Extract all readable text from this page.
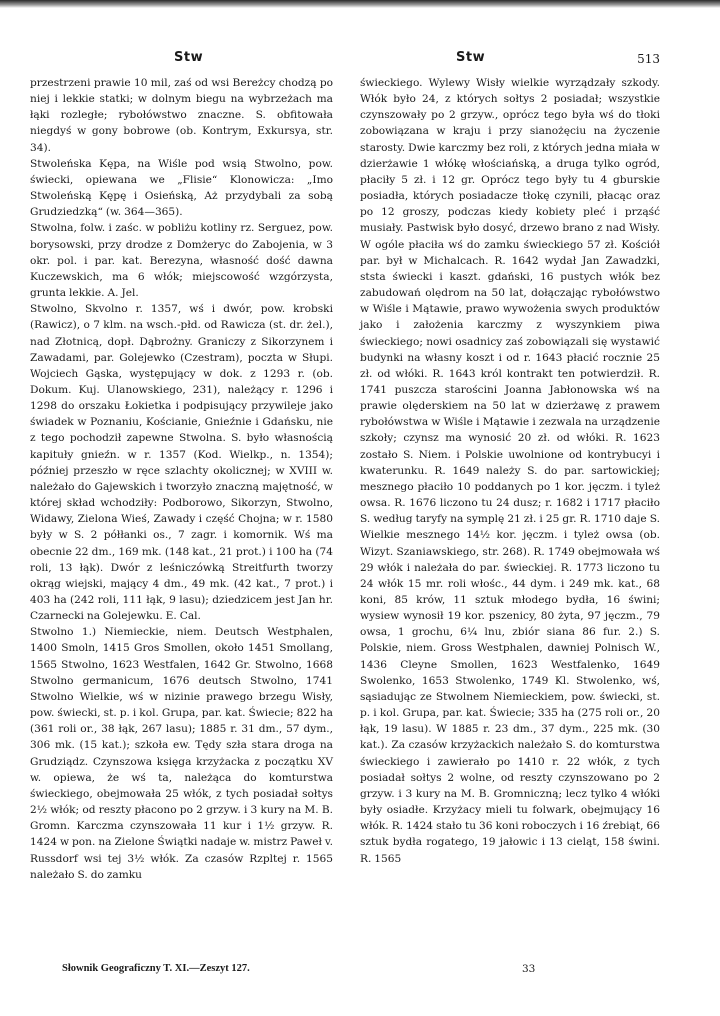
Stw	Stw	513

przestrzeni prawie 10 mil, zaś od wsi Bereżcy chodzą po niej i lekkie statki; w dolnym biegu na wybrzeżach ma łąki rozległe; rybołówstwo znaczne. S. obfitowała niegdyś w gony bobrowe (ob. Kontrym, Exkursya, str. 34).

Stwoleńska Kępa, na Wiśle pod wsią Stwolno, pow. świecki, opiewana we „Flisie“ Klonowicza: „Imo Stwoleńską Kępę i Osieńską, Aż przydybali za sobą Grudziedzką“ (w. 364—365).

Stwolna, folw. i zaśc. w pobliżu kotliny rz. Serguez, pow. borysowski, przy drodze z Domżeryc do Zabojenia, w 3 okr. pol. i par. kat. Berezyna, własność dość dawna Kuczewskich, ma 6 włók; miejscowość wzgórzysta, grunta lekkie. A. Jel.

Stwolno, Skvolno r. 1357, wś i dwór, pow. krobski (Rawicz), o 7 klm. na wsch.-płd. od Rawicza (st. dr. żel.), nad Złotnicą, dopł. Dąbrożny. Graniczy z Sikorzynem i Zawadami, par. Golejewko (Czestram), poczta w Słupi. Wojciech Gąska, występujący w dok. z 1293 r. (ob. Dokum. Kuj. Ulanowskiego, 231), należący r. 1296 i 1298 do orszaku Łokietka i podpisujący przywileje jako świadek w Poznaniu, Kościanie, Gnieźnie i Gdańsku, nie z tego pochodził zapewne Stwolna. S. było własnością kapituły gnieźn. w r. 1357 (Kod. Wielkp., n. 1354); później przeszło w ręce szlachty okolicznej; w XVIII w. należało do Gajewskich i tworzyło znaczną majętność, w której skład wchodziły: Podborowo, Sikorzyn, Stwolno, Widawy, Zielona Wieś, Zawady i część Chojna; w r. 1580 były w S. 2 półłanki os., 7 zagr. i komornik. Wś ma obecnie 22 dm., 169 mk. (148 kat., 21 prot.) i 100 ha (74 roli, 13 łąk). Dwór z leśniczówką Streitfurth tworzy okrąg wiejski, mający 4 dm., 49 mk. (42 kat., 7 prot.) i 403 ha (242 roli, 111 łąk, 9 lasu); dziedzicem jest Jan hr. Czarnecki na Golejewku. E. Cal.

Stwolno 1.) Niemieckie, niem. Deutsch Westphalen, 1400 Smoln, 1415 Gros Smollen, około 1451 Smollang, 1565 Stwolno, 1623 Westfalen, 1642 Gr. Stwolno, 1668 Stwolno germanicum, 1676 deutsch Stwolno, 1741 Stwolno Wielkie, wś w nizinie prawego brzegu Wisły, pow. świecki, st. p. i kol. Grupa, par. kat. Świecie; 822 ha (361 roli or., 38 łąk, 267 lasu); 1885 r. 31 dm., 57 dym., 306 mk. (15 kat.); szkoła ew. Tędy szła stara droga na Grudziądz. Czynszowa księga krzyżacka z początku XV w. opiewa, że wś ta, należąca do komturstwa świeckiego, obejmowała 25 włók, z tych posiadał sołtys 2½ włók; od reszty płacono po 2 grzyw. i 3 kury na M. B. Gromn. Karczma czynszowała 11 kur i 1½ grzyw. R. 1424 w pon. na Zielone Świątki nadaje w. mistrz Paweł v. Russdorf wsi tej 3½ włók. Za czasów Rzpltej r. 1565 należało S. do zamku

świeckiego. Wylewy Wisły wielkie wyrządzały szkody. Włók było 24, z których sołtys 2 posiadał; wszystkie czynszowały po 2 grzyw., oprócz tego była wś do tłoki zobowiązana w kraju i przy sianożęciu na życzenie starosty. Dwie karczmy bez roli, z których jedna miała w dzierżawie 1 włókę włościańską, a druga tylko ogród, płaciły 5 zł. i 12 gr. Oprócz tego były tu 4 gburskie posiadła, których posiadacze tłokę czynili, płacąc oraz po 12 groszy, podczas kiedy kobiety pleć i prząść musiały. Pastwisk było dosyć, drzewo brano z nad Wisły. W ogóle płaciła wś do zamku świeckiego 57 zł. Kościół par. był w Michalcach. R. 1642 wydał Jan Zawadzki, ststa świecki i kaszt. gdański, 16 pustych włók bez zabudowań olędrom na 50 lat, dołączając rybołówstwo w Wiśle i Mątawie, prawo wywożenia swych produktów jako i założenia karczmy z wyszynkiem piwa świeckiego; nowi osadnicy zaś zobowiązali się wystawić budynki na własny koszt i od r. 1643 płacić rocznie 25 zł. od włóki. R. 1643 król kontrakt ten potwierdził. R. 1741 puszcza starościni Joanna Jabłonowska wś na prawie olęderskiem na 50 lat w dzierżawę z prawem rybołówstwa w Wiśle i Mątawie i zezwala na urządzenie szkoły; czynsz ma wynosić 20 zł. od włóki. R. 1623 zostało S. Niem. i Polskie uwolnione od kontrybucyi i kwaterunku. R. 1649 należy S. do par. sartowickiej; mesznego płaciło 10 poddanych po 1 kor. jęczm. i tyleż owsa. R. 1676 liczono tu 24 dusz; r. 1682 i 1717 płaciło S. według taryfy na symplę 21 zł. i 25 gr. R. 1710 daje S. Wielkie mesznego 14½ kor. jęczm. i tyleż owsa (ob. Wizyt. Szaniawskiego, str. 268). R. 1749 obejmowała wś 29 włók i należała do par. świeckiej. R. 1773 liczono tu 24 włók 15 mr. roli włośc., 44 dym. i 249 mk. kat., 68 koni, 85 krów, 11 sztuk młodego bydła, 16 świni; wysiew wynosił 19 kor. pszenicy, 80 żyta, 97 jęczm., 79 owsa, 1 grochu, 6¼ lnu, zbiór siana 86 fur. 2.) S. Polskie, niem. Gross Westphalen, dawniej Polnisch W., 1436 Cleyne Smollen, 1623 Westfalenko, 1649 Swolenko, 1653 Stwolenko, 1749 Kl. Stwolenko, wś, sąsiadując ze Stwolnem Niemieckiem, pow. świecki, st. p. i kol. Grupa, par. kat. Świecie; 335 ha (275 roli or., 20 łąk, 19 lasu). W 1885 r. 23 dm., 37 dym., 225 mk. (30 kat.). Za czasów krzyżackich należało S. do komturstwa świeckiego i zawierało po 1410 r. 22 włók, z tych posiadał sołtys 2 wolne, od reszty czynszowano po 2 grzyw. i 3 kury na M. B. Gromniczną; lecz tylko 4 włóki były osiadłe. Krzyżacy mieli tu folwark, obejmujący 16 włók. R. 1424 stało tu 36 koni roboczych i 16 źrebiąt, 66 sztuk bydła rogatego, 19 jałowic i 13 cieląt, 158 świni. R. 1565

Słownik Geograficzny T. XI.—Zeszyt 127.	33
